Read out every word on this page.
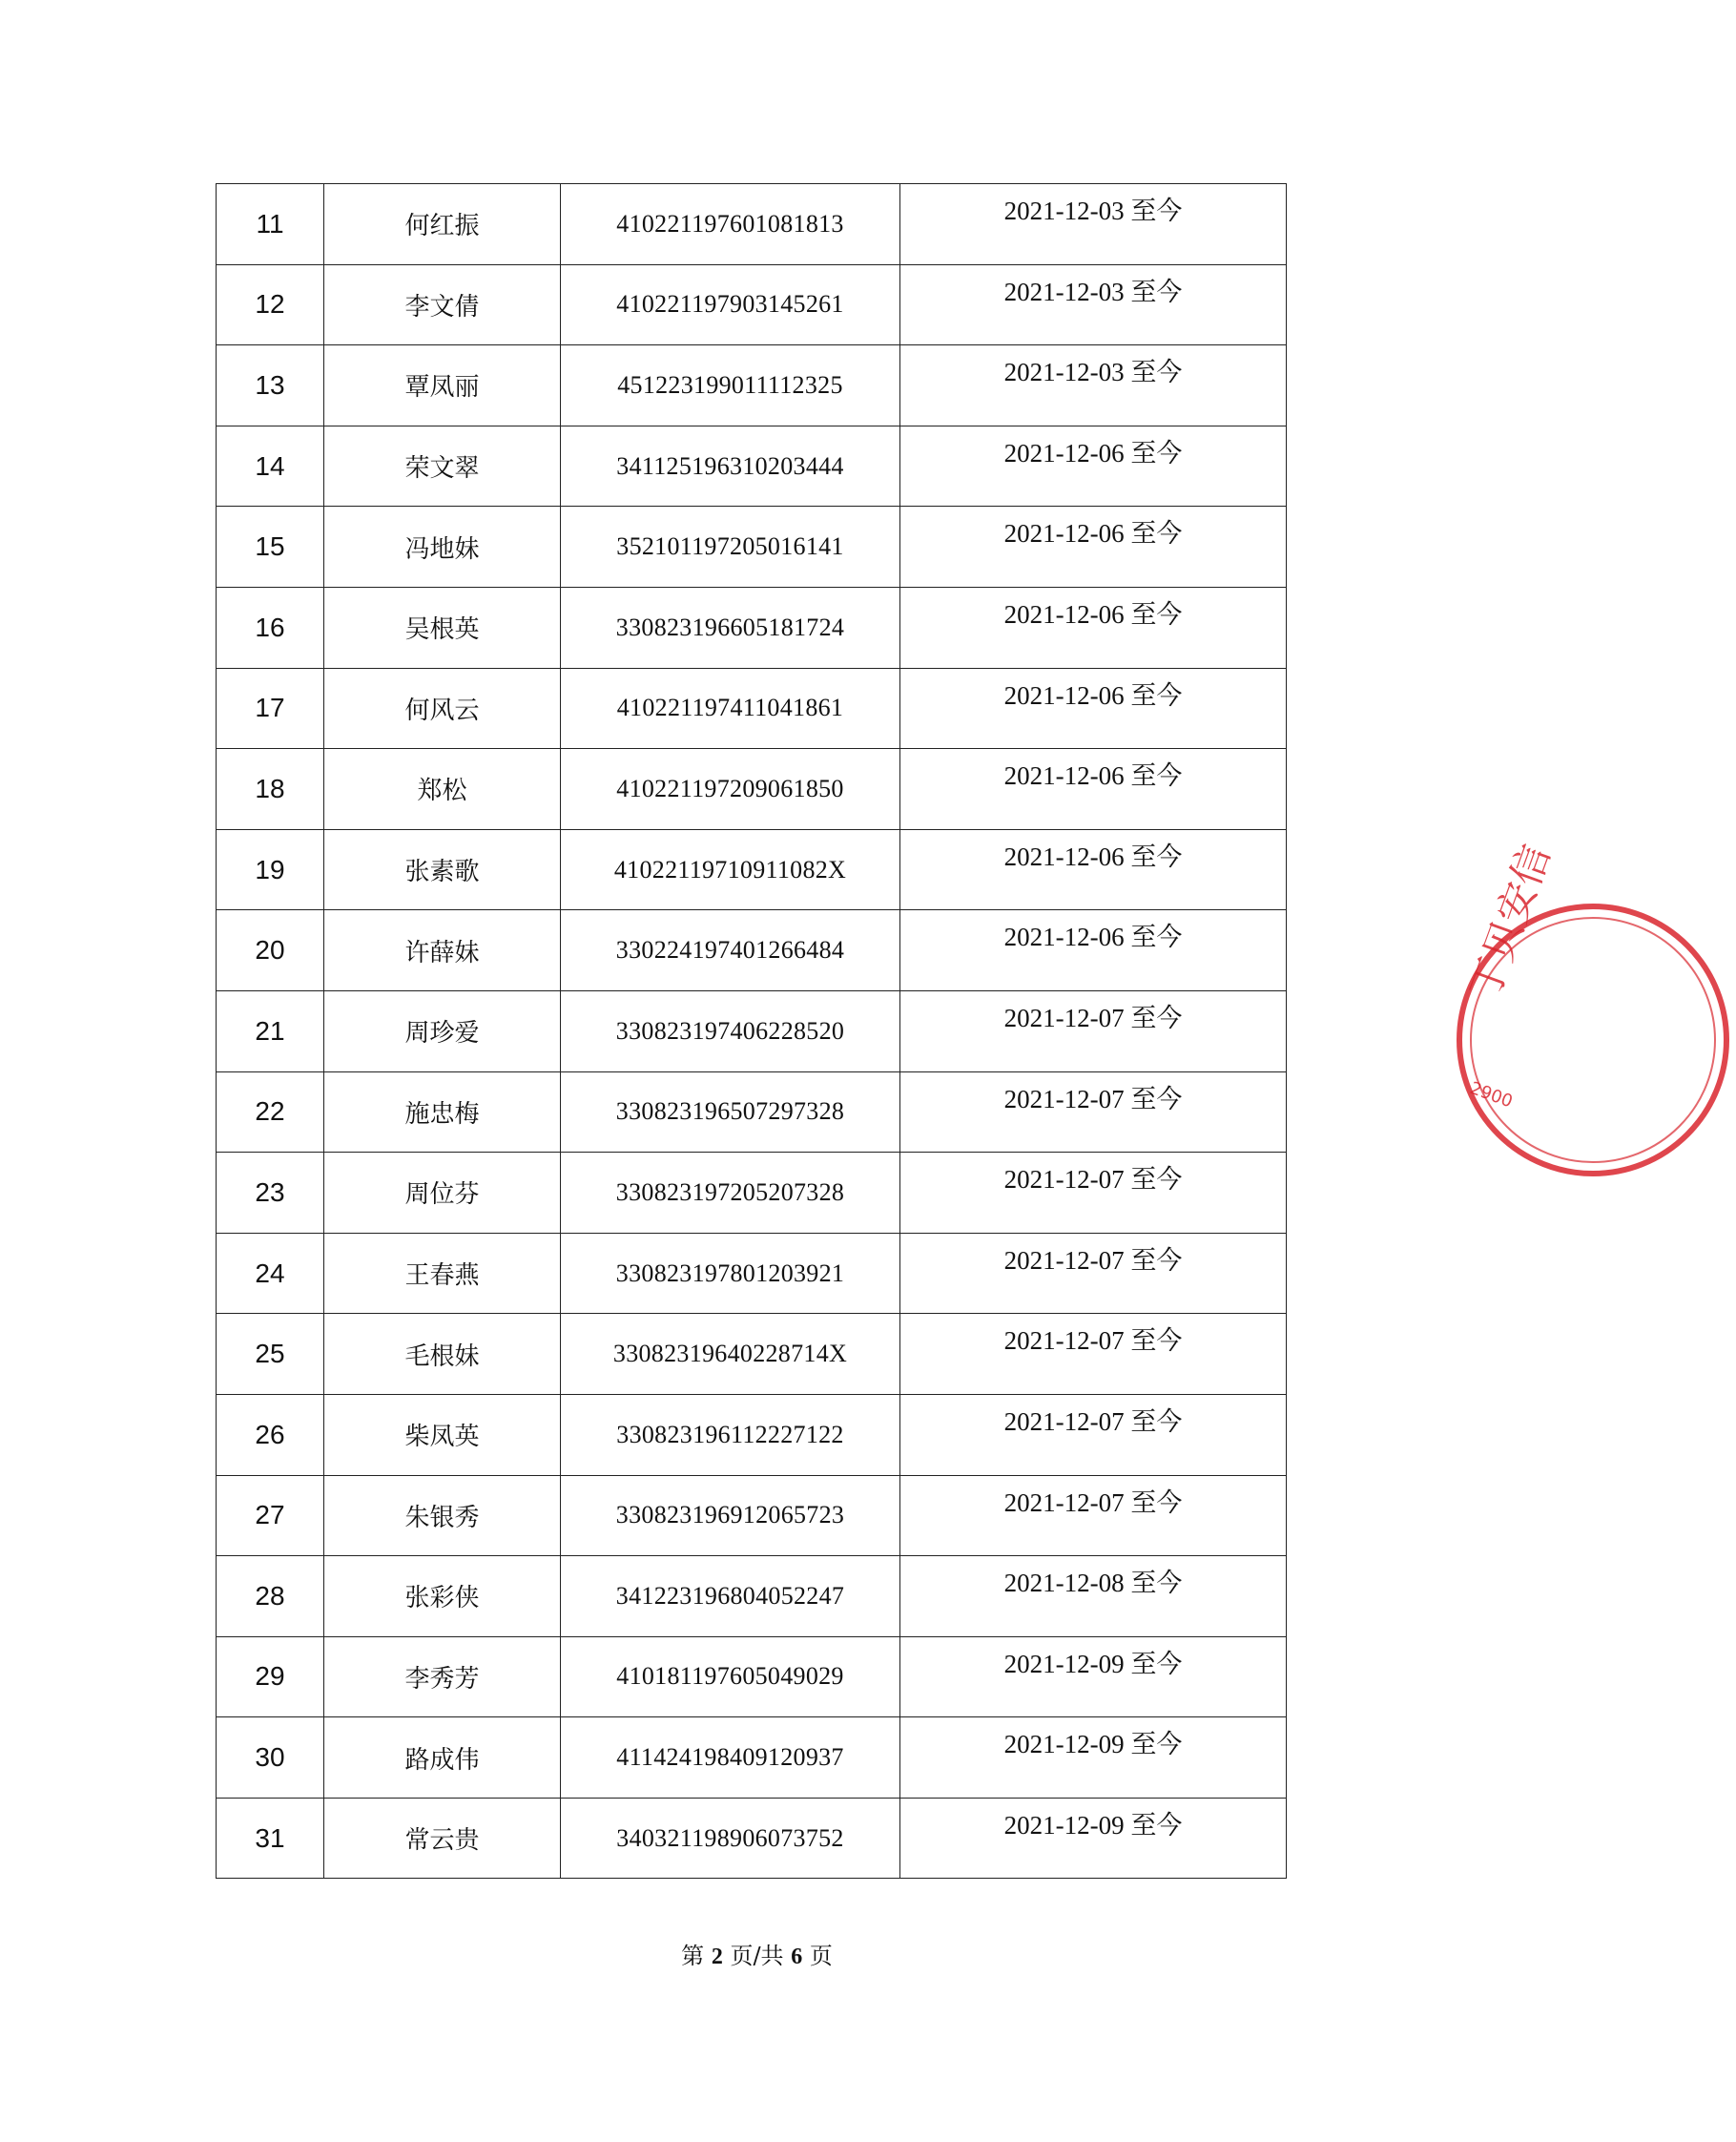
11	何红振	410221197601081813	2021-12-03 至今

12	李文倩	410221197903145261	2021-12-03 至今

13	覃凤丽	451223199011112325	2021-12-03 至今

14	荣文翠	341125196310203444	2021-12-06 至今

15	冯地妹	352101197205016141	2021-12-06 至今

16	吴根英	330823196605181724	2021-12-06 至今

17	何风云	410221197411041861	2021-12-06 至今

18	郑松	410221197209061850	2021-12-06 至今

19	张素歌	41022119710911082X	2021-12-06 至今

20	许薛妹	330224197401266484	2021-12-06 至今

21	周珍爱	330823197406228520	2021-12-07 至今

22	施忠梅	330823196507297328	2021-12-07 至今

23	周位芬	330823197205207328	2021-12-07 至今

24	王春燕	330823197801203921	2021-12-07 至今

25	毛根妹	33082319640228714X	2021-12-07 至今

26	柴凤英	330823196112227122	2021-12-07 至今

27	朱银秀	330823196912065723	2021-12-07 至今

28	张彩侠	341223196804052247	2021-12-08 至今

29	李秀芳	410181197605049029	2021-12-09 至今

30	路成伟	411424198409120937	2021-12-09 至今

31	常云贵	340321198906073752	2021-12-09 至今
第 2 页/共 6 页
丁贝安信
2900
